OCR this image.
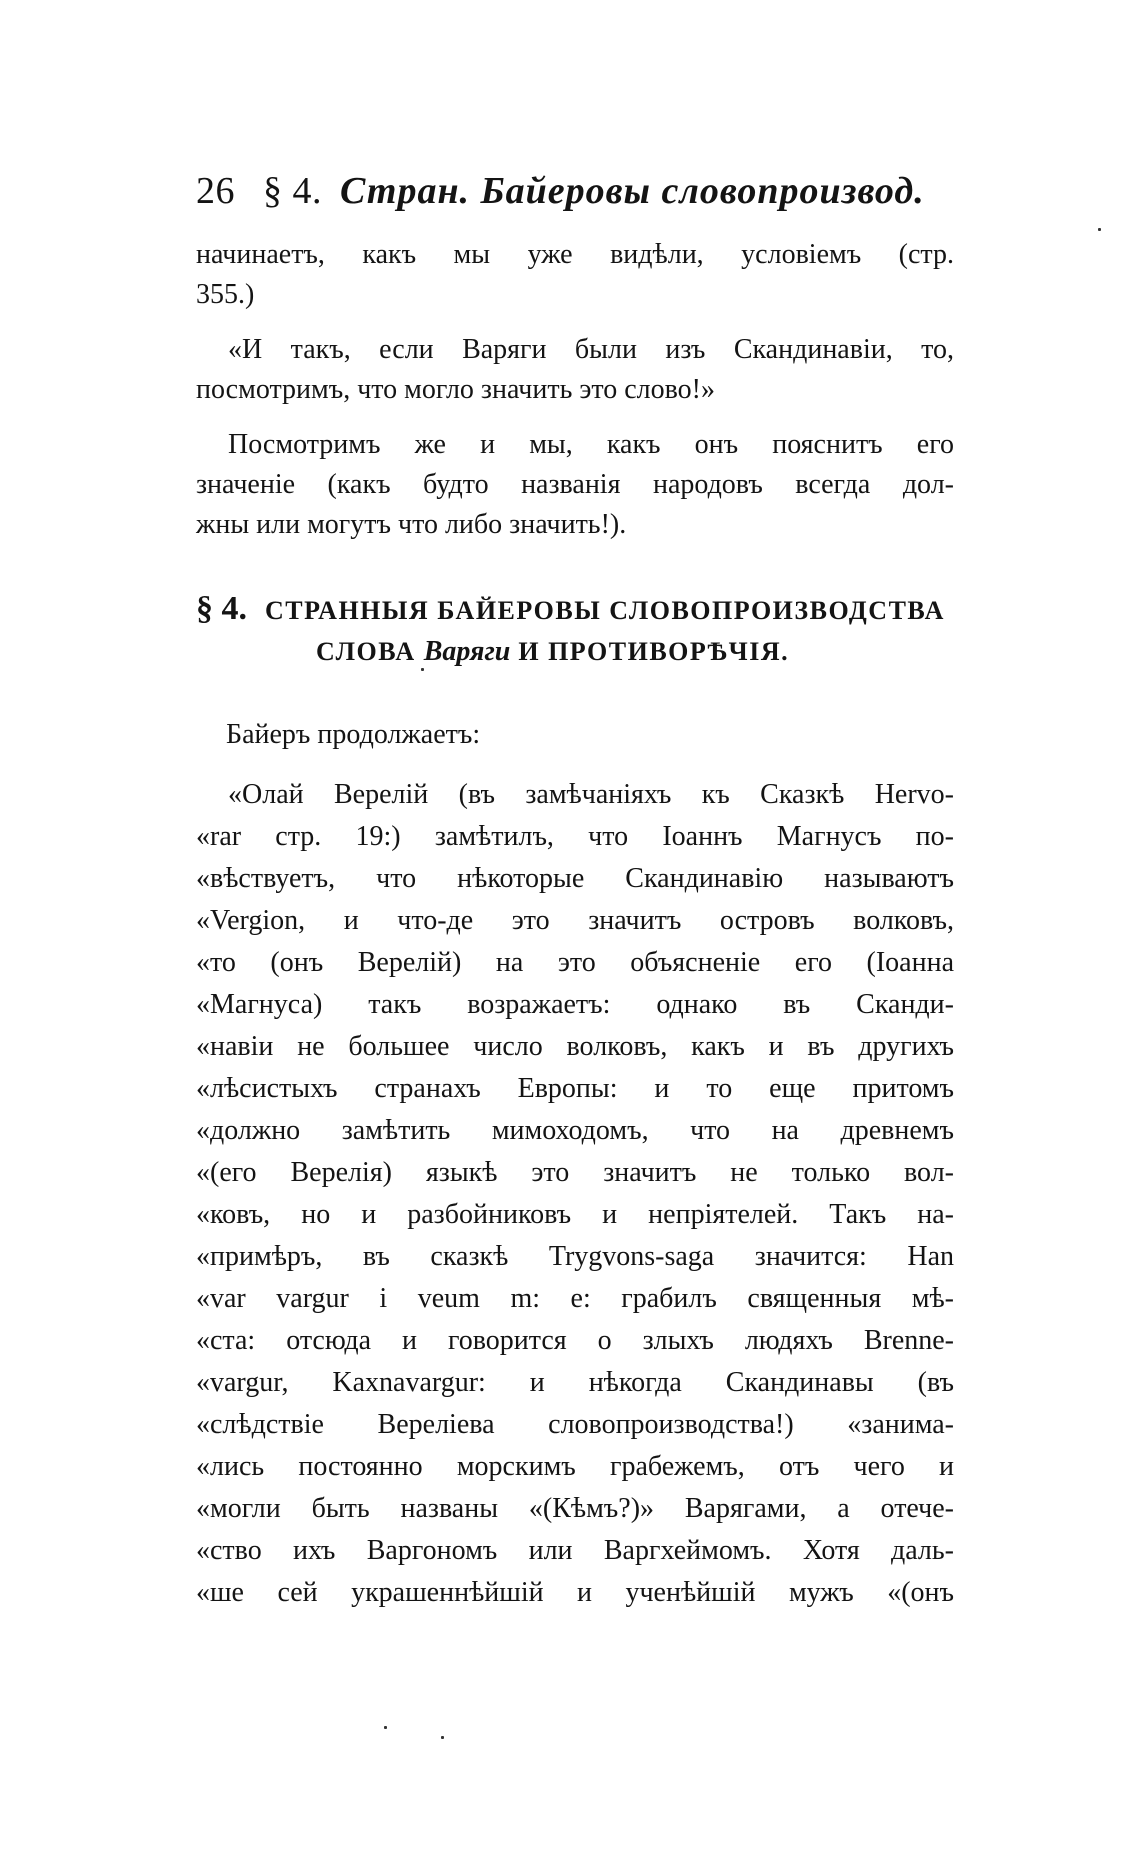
26 § 4. Стран. Байеровы словопроизвод.
начинаетъ, какъ мы уже видѣли, условіемъ (стр.
355.)
«И такъ, если Варяги были изъ Скандинавіи, то,
посмотримъ, что могло значить это слово!»
Посмотримъ же и мы, какъ онъ пояснитъ его
значеніе (какъ будто названія народовъ всегда дол-
жны или могутъ что либо значить!).
§ 4. СТРАННЫЯ БАЙЕРОВЫ СЛОВОПРОИЗВОДСТВА
СЛОВА Варяги И ПРОТИВОРѢЧІЯ.
Байеръ продолжаетъ:
«Олай Верелій (въ замѣчаніяхъ къ Сказкѣ Hervo-
«rar стр. 19:) замѣтилъ, что Іоаннъ Магнусъ по-
«вѣствуетъ, что нѣкоторые Скандинавію называютъ
«Vergion, и что-де это значитъ островъ волковъ,
«то (онъ Верелій) на это объясненіе его (Іоанна
«Магнуса) такъ возражаетъ: однако въ Сканди-
«навіи не большее число волковъ, какъ и въ другихъ
«лѣсистыхъ странахъ Европы: и то еще притомъ
«должно замѣтить мимоходомъ, что на древнемъ
«(его Верелія) языкѣ это значитъ не только вол-
«ковъ, но и разбойниковъ и непріятелей. Такъ на-
«примѣръ, въ сказкѣ Trygvons-saga значится: Han
«var vargur i veum m: e: грабилъ священныя мѣ-
«ста: отсюда и говорится о злыхъ людяхъ Brenne-
«vargur, Kaxnavargur: и нѣкогда Скандинавы (въ
«слѣдствіе Вереліева словопроизводства!) «занима-
«лись постоянно морскимъ грабежемъ, отъ чего и
«могли быть названы «(Кѣмъ?)» Варягами, а отече-
«ство ихъ Варгономъ или Варгхеймомъ. Хотя даль-
«ше сей украшеннѣйшій и ученѣйшій мужъ «(онъ
